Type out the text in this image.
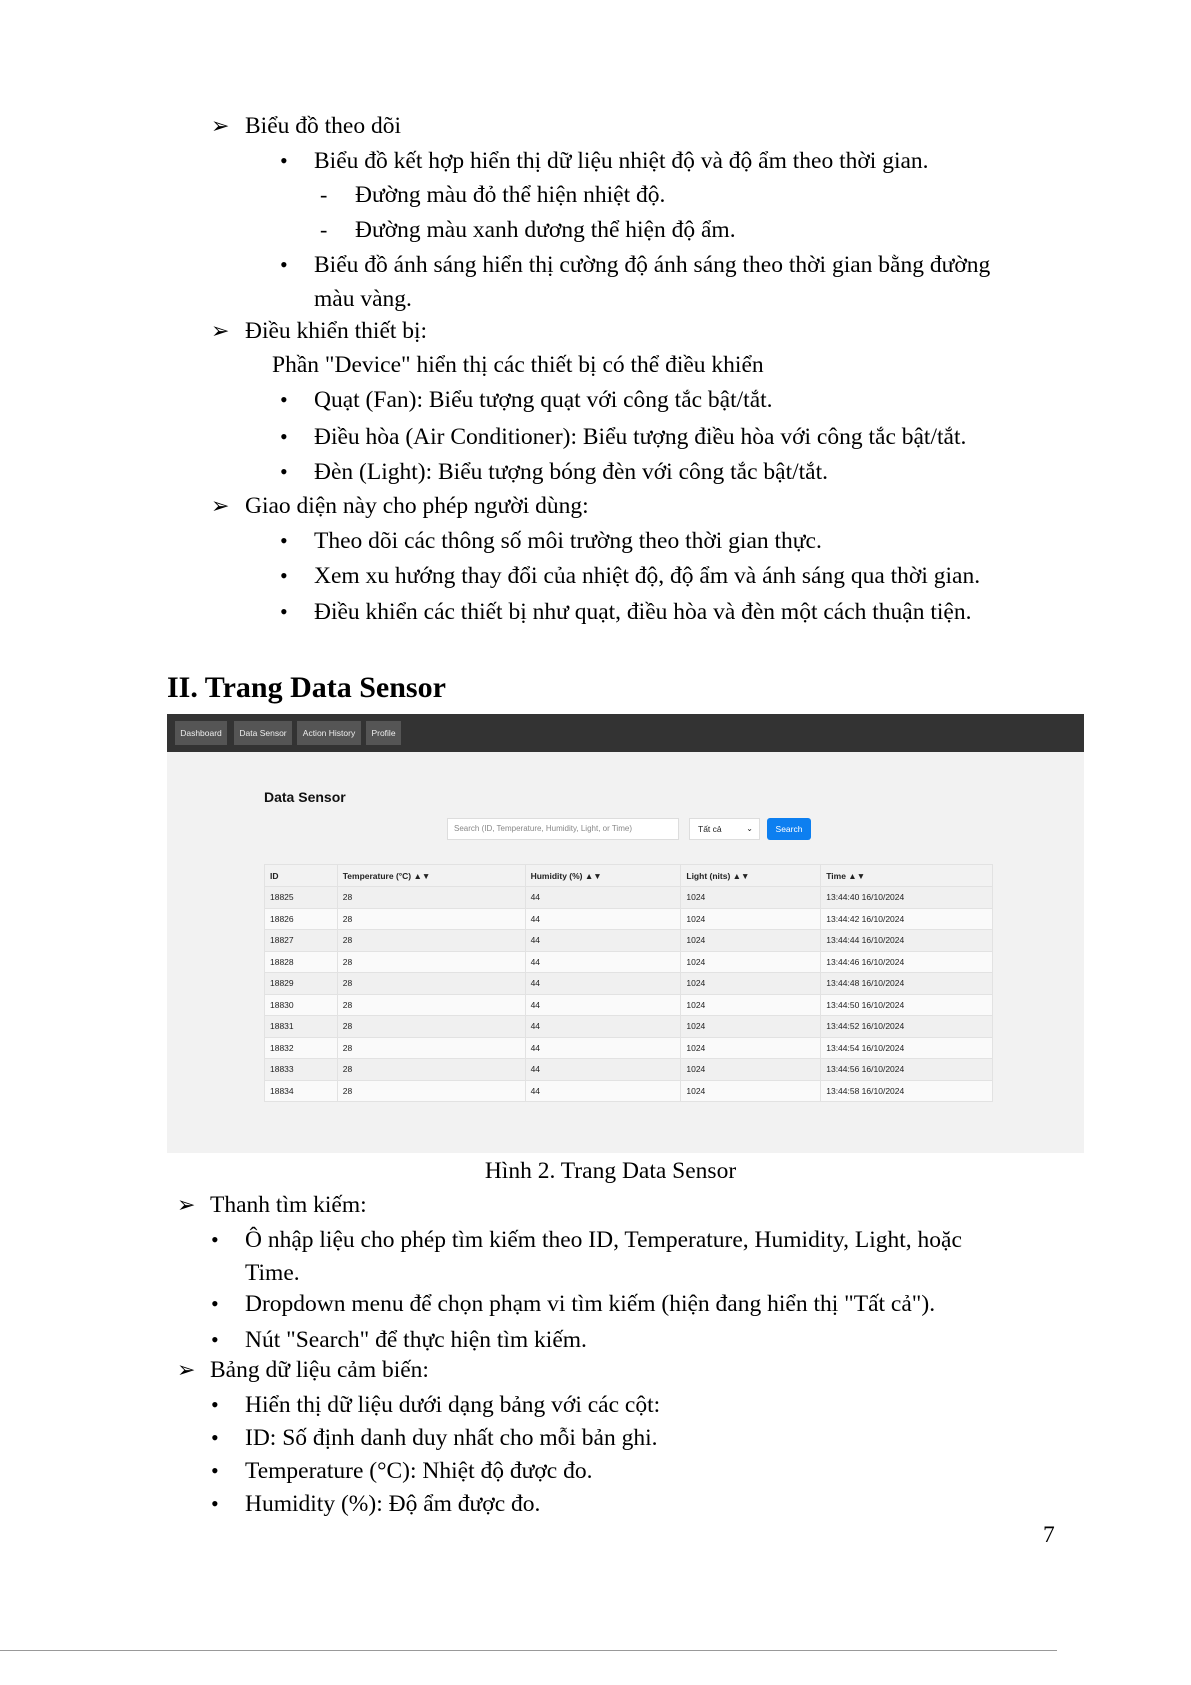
➢ Biểu đồ theo dõi
• Biểu đồ kết hợp hiển thị dữ liệu nhiệt độ và độ ẩm theo thời gian.
- Đường màu đỏ thể hiện nhiệt độ.
- Đường màu xanh dương thể hiện độ ẩm.
• Biểu đồ ánh sáng hiển thị cường độ ánh sáng theo thời gian bằng đường
màu vàng.
➢ Điều khiển thiết bị:
Phần "Device" hiển thị các thiết bị có thể điều khiển
• Quạt (Fan): Biểu tượng quạt với công tắc bật/tắt.
• Điều hòa (Air Conditioner): Biểu tượng điều hòa với công tắc bật/tắt.
• Đèn (Light): Biểu tượng bóng đèn với công tắc bật/tắt.
➢ Giao diện này cho phép người dùng:
• Theo dõi các thông số môi trường theo thời gian thực.
• Xem xu hướng thay đổi của nhiệt độ, độ ẩm và ánh sáng qua thời gian.
• Điều khiển các thiết bị như quạt, điều hòa và đèn một cách thuận tiện.
II. Trang Data Sensor
Dashboard	Data Sensor	Action History	Profile
Data Sensor
Search (ID, Temperature, Humidity, Light, or Time)	Tất cả	⌄	Search
ID	Temperature (°C) ▲▼	Humidity (%) ▲▼	Light (nits) ▲▼	Time ▲▼
18825	28	44	1024	13:44:40 16/10/2024
18826	28	44	1024	13:44:42 16/10/2024
18827	28	44	1024	13:44:44 16/10/2024
18828	28	44	1024	13:44:46 16/10/2024
18829	28	44	1024	13:44:48 16/10/2024
18830	28	44	1024	13:44:50 16/10/2024
18831	28	44	1024	13:44:52 16/10/2024
18832	28	44	1024	13:44:54 16/10/2024
18833	28	44	1024	13:44:56 16/10/2024
18834	28	44	1024	13:44:58 16/10/2024
Hình 2. Trang Data Sensor
➢ Thanh tìm kiếm:
• Ô nhập liệu cho phép tìm kiếm theo ID, Temperature, Humidity, Light, hoặc
Time.
• Dropdown menu để chọn phạm vi tìm kiếm (hiện đang hiển thị "Tất cả").
• Nút "Search" để thực hiện tìm kiếm.
➢ Bảng dữ liệu cảm biến:
• Hiển thị dữ liệu dưới dạng bảng với các cột:
• ID: Số định danh duy nhất cho mỗi bản ghi.
• Temperature (°C): Nhiệt độ được đo.
• Humidity (%): Độ ẩm được đo.
7
